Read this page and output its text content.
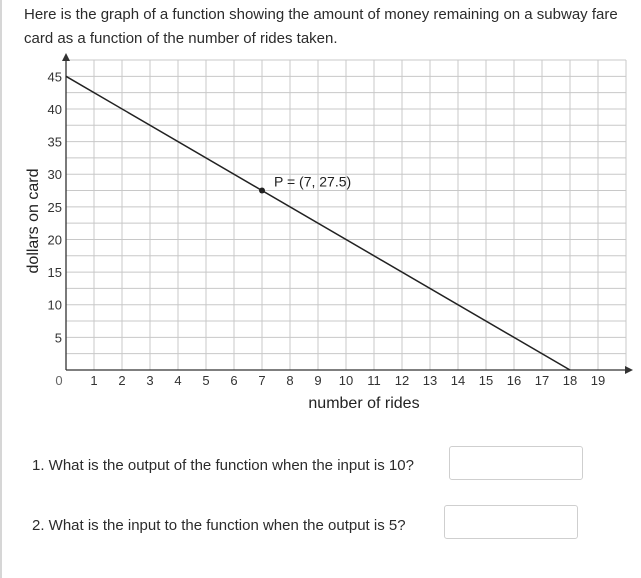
Here is the graph of a function showing the amount of money remaining on a subway fare card as a function of the number of rides taken.
0 1 2 3 4 5 6 7 8 9 10 11 12 13 14 15 16 17 18 19
5
10
15
20
25
30
35
40
45
number of rides
dollars on card	P = (7, 27.5)
1. What is the output of the function when the input is 10?
2. What is the input to the function when the output is 5?
